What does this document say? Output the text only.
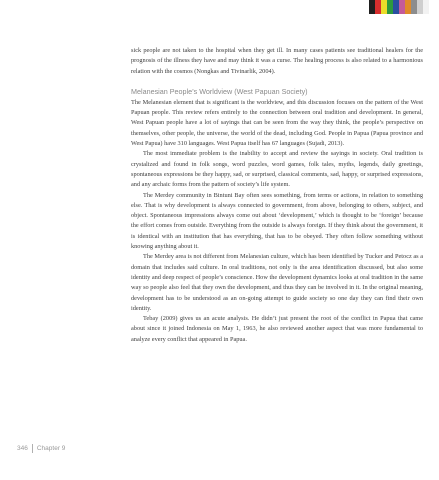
sick people are not taken to the hospital when they get ill. In many cases patients see traditional healers for the prognosis of the illness they have and may think it was a curse. The healing process is also related to a harmonious relation with the cosmos (Nongkas and Tivinarlik, 2004).

Melanesian People’s Worldview (West Papuan Society)

The Melanesian element that is significant is the worldview, and this discussion focuses on the pattern of the West Papuan people. This review refers entirely to the connection between oral tradition and development. In general, West Papuan people have a lot of sayings that can be seen from the way they think, the people’s perspective on themselves, other people, the universe, the world of the dead, including God. People in Papua (Papua province and West Papua) have 310 languages. West Papua itself has 67 languages (Sujadi, 2013).

The most immediate problem is the inability to accept and review the sayings in society. Oral tradition is crystalized and found in folk songs, word puzzles, word games, folk tales, myths, legends, daily greetings, spontaneous expressions be they happy, sad, or surprised, classical comments, sad, happy, or surprised expressions, and any archaic forms from the pattern of society’s life system.

The Merdey community in Bintuni Bay often sees something, from terms or actions, in relation to something else. That is why development is always connected to government, from above, belonging to others, subject, and object. Spontaneous impressions always come out about ‘development,’ which is thought to be ‘foreign’ because the effort comes from outside. Everything from the outside is always foreign. If they think about the government, it is identical with an institution that has everything, that has to be obeyed. They often follow something without knowing anything about it.

The Merdey area is not different from Melanesian culture, which has been identified by Tucker and Petocz as a domain that includes said culture. In oral traditions, not only is the area identification discussed, but also some identity and deep respect of people’s conscience. How the development dynamics looks at oral tradition in the same way so people also feel that they own the development, and thus they can be involved in it. In the original meaning, development has to be understood as an on-going attempt to guide society so one day they can find their own identity.

Tebay (2009) gives us an acute analysis. He didn’t just present the root of the conflict in Papua that came about since it joined Indonesia on May 1, 1963, he also reviewed another aspect that was more fundamental to analyze every conflict that appeared in Papua.

346 Chapter 9
